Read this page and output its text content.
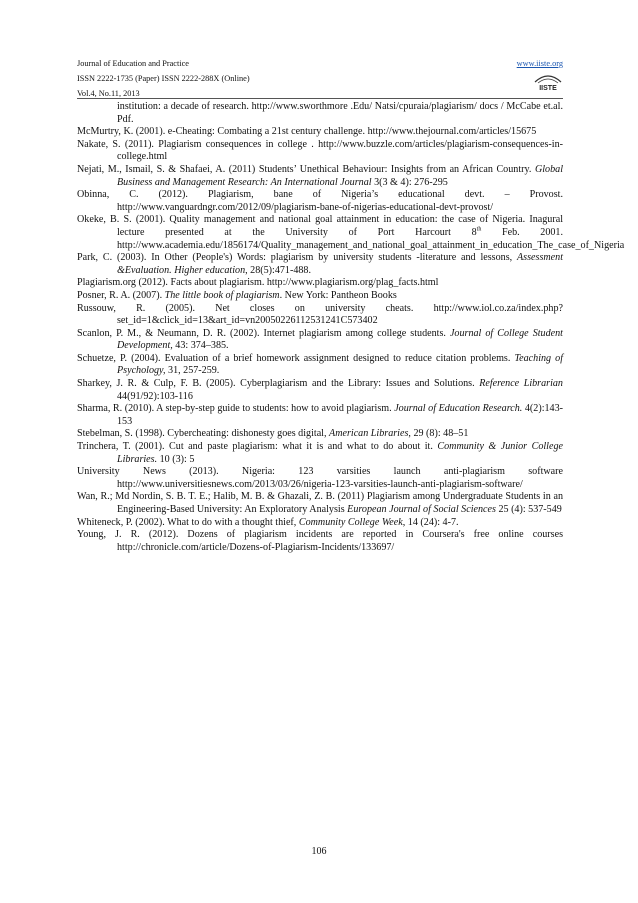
Journal of Education and Practice
ISSN 2222-1735 (Paper) ISSN 2222-288X (Online)
Vol.4, No.11, 2013
www.iiste.org
IISTE

institution: a decade of research. http://www.sworthmore .Edu/ Natsi/cpuraia/plagiarism/ docs / McCabe et.al. Pdf.

McMurtry, K. (2001). e-Cheating: Combating a 21st century challenge. http://www.thejournal.com/articles/15675

Nakate, S. (2011). Plagiarism consequences in college . http://www.buzzle.com/articles/plagiarism-consequences-in-college.html

Nejati, M., Ismail, S. & Shafaei, A. (2011) Students’ Unethical Behaviour: Insights from an African Country. Global Business and Management Research: An International Journal 3(3 & 4): 276-295

Obinna, C. (2012). Plagiarism, bane of Nigeria’s educational devt. – Provost. http://www.vanguardngr.com/2012/09/plagiarism-bane-of-nigerias-educational-devt-provost/

Okeke, B. S. (2001). Quality management and national goal attainment in education: the case of Nigeria. Inagural lecture presented at the University of Port Harcourt 8th Feb. 2001. http://www.academia.edu/1856174/Quality_management_and_national_goal_attainment_in_education_The_case_of_Nigeria

Park, C. (2003). In Other (People's) Words: plagiarism by university students -literature and lessons, Assessment &Evaluation. Higher education, 28(5):471-488.

Plagiarism.org (2012). Facts about plagiarism. http://www.plagiarism.org/plag_facts.html

Posner, R. A. (2007). The little book of plagiarism. New York: Pantheon Books

Russouw, R. (2005). Net closes on university cheats. http://www.iol.co.za/index.php?set_id=1&click_id=13&art_id=vn20050226112531241C573402

Scanlon, P. M., & Neumann, D. R. (2002). Internet plagiarism among college students. Journal of College Student Development, 43: 374–385.

Schuetze, P. (2004). Evaluation of a brief homework assignment designed to reduce citation problems. Teaching of Psychology, 31, 257-259.

Sharkey, J. R. & Culp, F. B. (2005). Cyberplagiarism and the Library: Issues and Solutions. Reference Librarian 44(91/92):103-116

Sharma, R. (2010). A step-by-step guide to students: how to avoid plagiarism. Journal of Education Research. 4(2):143-153

Stebelman, S. (1998). Cybercheating: dishonesty goes digital, American Libraries, 29 (8): 48–51

Trinchera, T. (2001). Cut and paste plagiarism: what it is and what to do about it. Community & Junior College Libraries. 10 (3): 5

University News (2013). Nigeria: 123 varsities launch anti-plagiarism software http://www.universitiesnews.com/2013/03/26/nigeria-123-varsities-launch-anti-plagiarism-software/

Wan, R.; Md Nordin, S. B. T. E.; Halib, M. B. & Ghazali, Z. B. (2011) Plagiarism among Undergraduate Students in an Engineering-Based University: An Exploratory Analysis European Journal of Social Sciences 25 (4): 537-549

Whiteneck, P. (2002). What to do with a thought thief, Community College Week, 14 (24): 4-7.

Young, J. R. (2012). Dozens of plagiarism incidents are reported in Coursera's free online courses http://chronicle.com/article/Dozens-of-Plagiarism-Incidents/133697/

106
